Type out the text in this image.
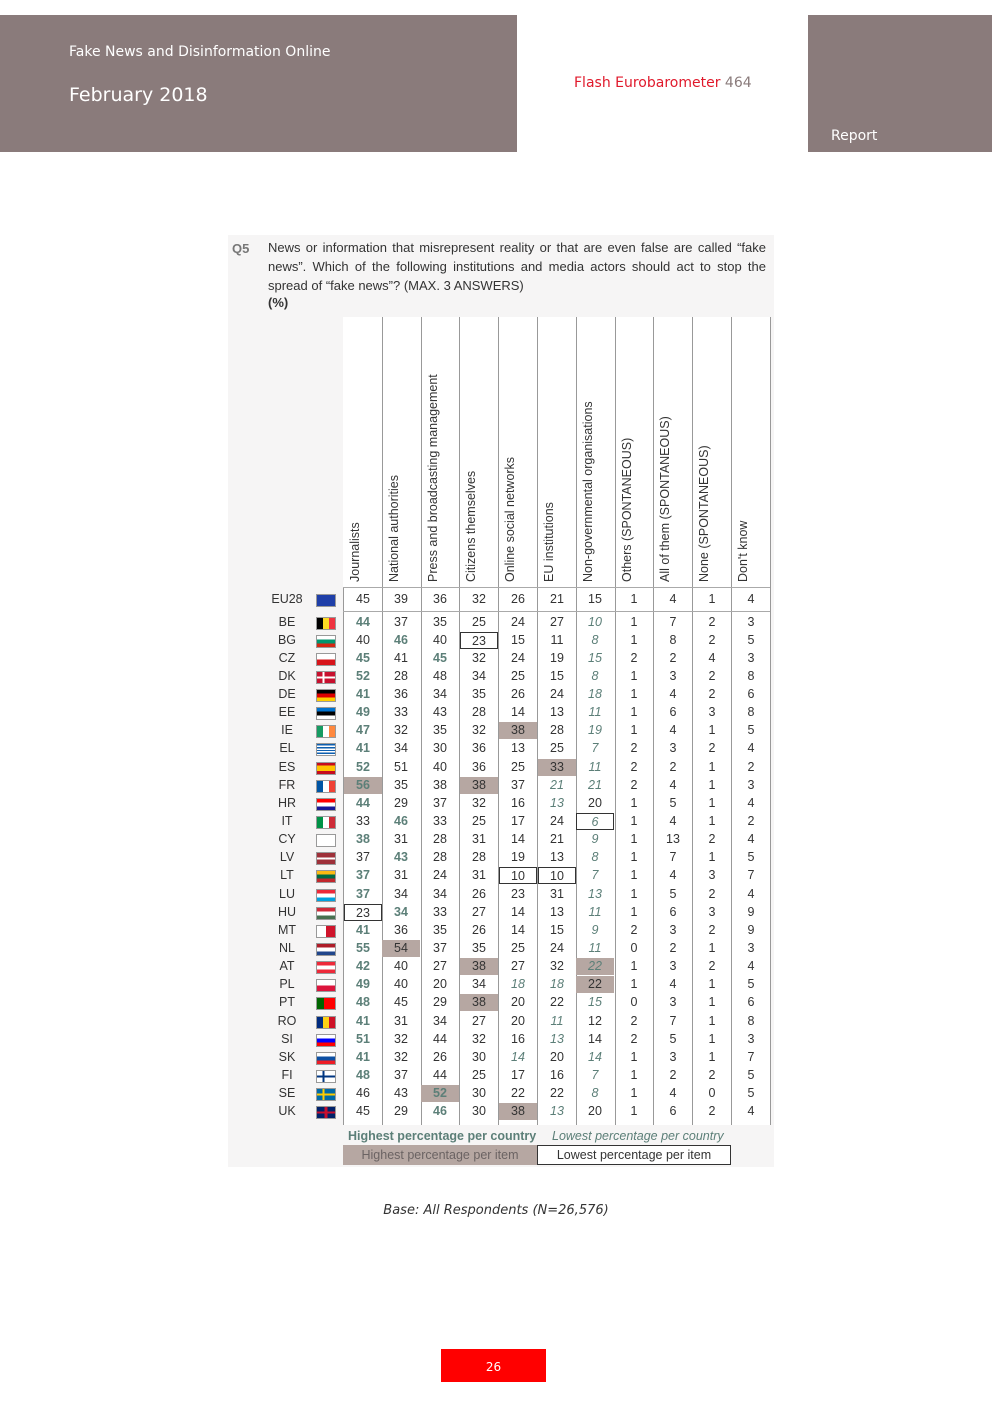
Fake News and Disinformation Online
February 2018
Flash Eurobarometer 464
Report
Q5 News or information that misrepresent reality or that are even false are called “fake news”. Which of the following institutions and media actors should act to stop the spread of “fake news”? (MAX. 3 ANSWERS)
(%)
Journalists National authorities Press and broadcasting management Citizens themselves Online social networks EU institutions Non-governmental organisations Others (SPONTANEOUS) All of them (SPONTANEOUS) None (SPONTANEOUS) Don't know
EU28	45	39	36	32	26	21	15	1	4	1	4
BE	44	37	35	25	24	27	10	1	7	2	3
BG	40	46	40	23	15	11	8	1	8	2	5
CZ	45	41	45	32	24	19	15	2	2	4	3
DK	52	28	48	34	25	15	8	1	3	2	8
DE	41	36	34	35	26	24	18	1	4	2	6
EE	49	33	43	28	14	13	11	1	6	3	8
IE	47	32	35	32	38	28	19	1	4	1	5
EL	41	34	30	36	13	25	7	2	3	2	4
ES	52	51	40	36	25	33	11	2	2	1	2
FR	56	35	38	38	37	21	21	2	4	1	3
HR	44	29	37	32	16	13	20	1	5	1	4
IT	33	46	33	25	17	24	6	1	4	1	2
CY	38	31	28	31	14	21	9	1	13	2	4
LV	37	43	28	28	19	13	8	1	7	1	5
LT	37	31	24	31	10	10	7	1	4	3	7
LU	37	34	34	26	23	31	13	1	5	2	4
HU	23	34	33	27	14	13	11	1	6	3	9
MT	41	36	35	26	14	15	9	2	3	2	9
NL	55	54	37	35	25	24	11	0	2	1	3
AT	42	40	27	38	27	32	22	1	3	2	4
PL	49	40	20	34	18	18	22	1	4	1	5
PT	48	45	29	38	20	22	15	0	3	1	6
RO	41	31	34	27	20	11	12	2	7	1	8
SI	51	32	44	32	16	13	14	2	5	1	3
SK	41	32	26	30	14	20	14	1	3	1	7
FI	48	37	44	25	17	16	7	1	2	2	5
SE	46	43	52	30	22	22	8	1	4	0	5
UK	45	29	46	30	38	13	20	1	6	2	4
Highest percentage per country Lowest percentage per country
Highest percentage per item	Lowest percentage per item
Base: All Respondents (N=26,576)
26
